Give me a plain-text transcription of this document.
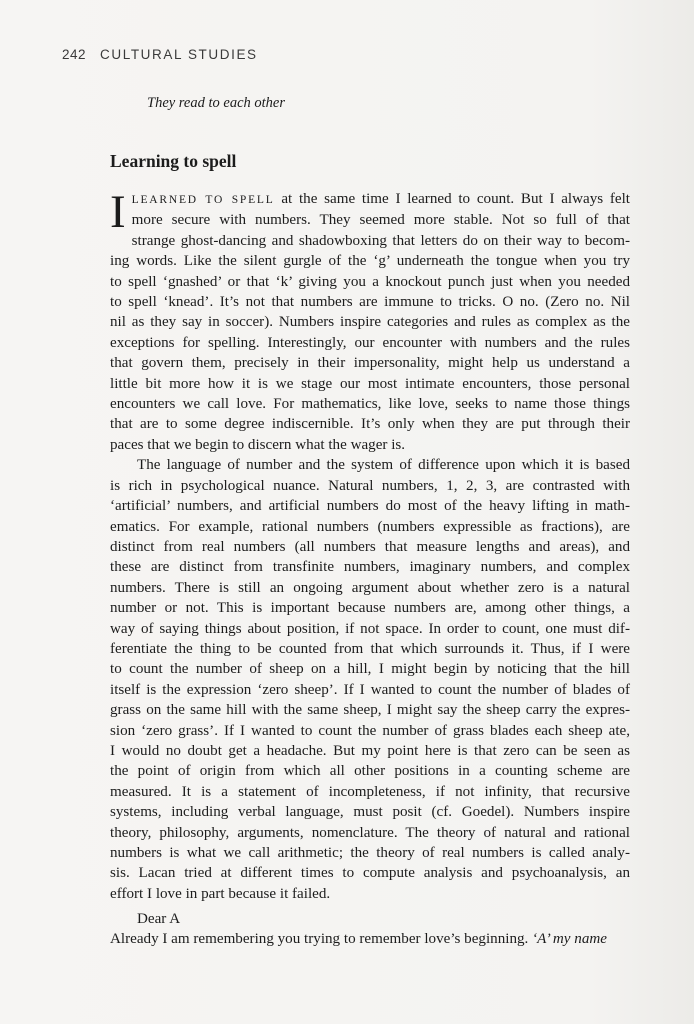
242 CULTURAL STUDIES
They read to each other
Learning to spell
I LEARNED TO SPELL at the same time I learned to count. But I always felt
more secure with numbers. They seemed more stable. Not so full of that
strange ghost-dancing and shadowboxing that letters do on their way to becom-
ing words. Like the silent gurgle of the ‘g’ underneath the tongue when you try
to spell ‘gnashed’ or that ‘k’ giving you a knockout punch just when you needed
to spell ‘knead’. It’s not that numbers are immune to tricks. O no. (Zero no. Nil
nil as they say in soccer). Numbers inspire categories and rules as complex as the
exceptions for spelling. Interestingly, our encounter with numbers and the rules
that govern them, precisely in their impersonality, might help us understand a
little bit more how it is we stage our most intimate encounters, those personal
encounters we call love. For mathematics, like love, seeks to name those things
that are to some degree indiscernible. It’s only when they are put through their
paces that we begin to discern what the wager is.
The language of number and the system of difference upon which it is based
is rich in psychological nuance. Natural numbers, 1, 2, 3, are contrasted with
‘artificial’ numbers, and artificial numbers do most of the heavy lifting in math-
ematics. For example, rational numbers (numbers expressible as fractions), are
distinct from real numbers (all numbers that measure lengths and areas), and
these are distinct from transfinite numbers, imaginary numbers, and complex
numbers. There is still an ongoing argument about whether zero is a natural
number or not. This is important because numbers are, among other things, a
way of saying things about position, if not space. In order to count, one must dif-
ferentiate the thing to be counted from that which surrounds it. Thus, if I were
to count the number of sheep on a hill, I might begin by noticing that the hill
itself is the expression ‘zero sheep’. If I wanted to count the number of blades of
grass on the same hill with the same sheep, I might say the sheep carry the expres-
sion ‘zero grass’. If I wanted to count the number of grass blades each sheep ate,
I would no doubt get a headache. But my point here is that zero can be seen as
the point of origin from which all other positions in a counting scheme are
measured. It is a statement of incompleteness, if not infinity, that recursive
systems, including verbal language, must posit (cf. Goedel). Numbers inspire
theory, philosophy, arguments, nomenclature. The theory of natural and rational
numbers is what we call arithmetic; the theory of real numbers is called analy-
sis. Lacan tried at different times to compute analysis and psychoanalysis, an
effort I love in part because it failed.
Dear A
Already I am remembering you trying to remember love’s beginning. ‘A’ my name
